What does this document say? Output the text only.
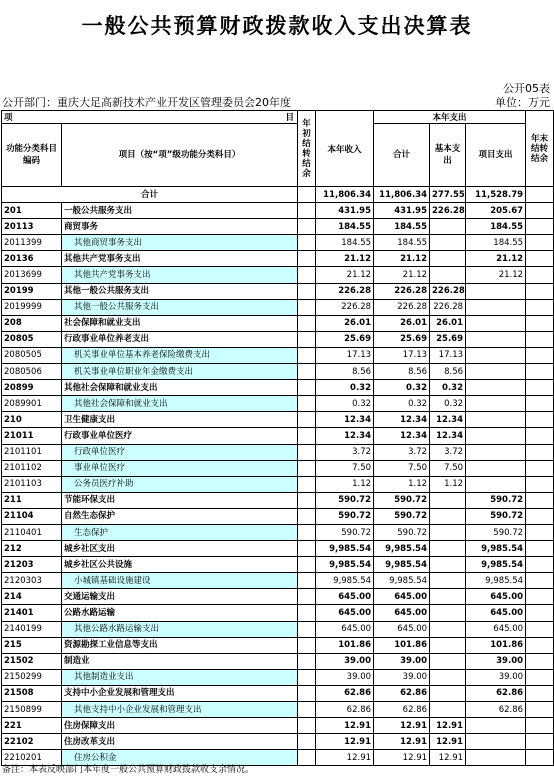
一般公共预算财政拨款收入支出决算表
公开05表
公开部门：重庆大足高新技术产业开发区管理委员会20年度	单位：万元
项 目		年初结转结余	本年收入	本年支出			年末结转结余
功能分类科目编码	项目（按“项”级功能分类科目）			合计	基本支出	项目支出	
合计			11,806.34	11,806.34	277.55	11,528.79	
201	一般公共服务支出		431.95	431.95	226.28	205.67	
20113	商贸事务		184.55	184.55		184.55	
2011399	其他商贸事务支出		184.55	184.55		184.55	
20136	其他共产党事务支出		21.12	21.12		21.12	
2013699	其他共产党事务支出		21.12	21.12		21.12	
20199	其他一般公共服务支出		226.28	226.28	226.28		
2019999	其他一般公共服务支出		226.28	226.28	226.28		
208	社会保障和就业支出		26.01	26.01	26.01		
20805	行政事业单位养老支出		25.69	25.69	25.69		
2080505	机关事业单位基本养老保险缴费支出		17.13	17.13	17.13		
2080506	机关事业单位职业年金缴费支出		8.56	8.56	8.56		
20899	其他社会保障和就业支出		0.32	0.32	0.32		
2089901	其他社会保障和就业支出		0.32	0.32	0.32		
210	卫生健康支出		12.34	12.34	12.34		
21011	行政事业单位医疗		12.34	12.34	12.34		
2101101	行政单位医疗		3.72	3.72	3.72		
2101102	事业单位医疗		7.50	7.50	7.50		
2101103	公务员医疗补助		1.12	1.12	1.12		
211	节能环保支出		590.72	590.72		590.72	
21104	自然生态保护		590.72	590.72		590.72	
2110401	生态保护		590.72	590.72		590.72	
212	城乡社区支出		9,985.54	9,985.54		9,985.54	
21203	城乡社区公共设施		9,985.54	9,985.54		9,985.54	
2120303	小城镇基础设施建设		9,985.54	9,985.54		9,985.54	
214	交通运输支出		645.00	645.00		645.00	
21401	公路水路运输		645.00	645.00		645.00	
2140199	其他公路水路运输支出		645.00	645.00		645.00	
215	资源勘探工业信息等支出		101.86	101.86		101.86	
21502	制造业		39.00	39.00		39.00	
2150299	其他制造业支出		39.00	39.00		39.00	
21508	支持中小企业发展和管理支出		62.86	62.86		62.86	
2150899	其他支持中小企业发展和管理支出		62.86	62.86		62.86	
221	住房保障支出		12.91	12.91	12.91		
22102	住房改革支出		12.91	12.91	12.91		
2210201	住房公积金		12.91	12.91	12.91		
备注：本表反映部门本年度一般公共预算财政拨款收支余情况。
